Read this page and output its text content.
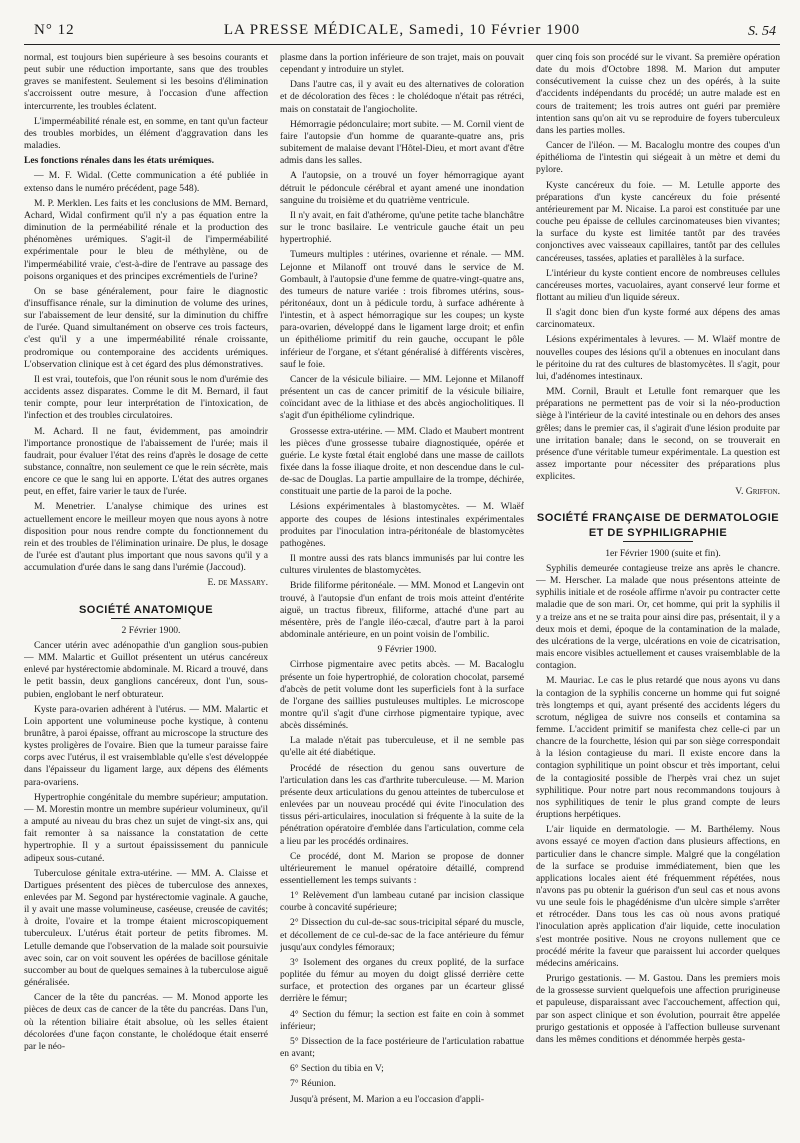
N° 12	LA PRESSE MÉDICALE, Samedi, 10 Février 1900	S. 54

normal, est toujours bien supérieure à ses besoins courants et peut subir une réduction importante, sans que des troubles graves se manifestent. Seulement si les besoins d'élimination s'accroissent outre mesure, à l'occasion d'une affection intercurrente, les troubles éclatent.

L'imperméabilité rénale est, en somme, en tant qu'un facteur des troubles morbides, un élément d'aggravation dans les maladies.

Les fonctions rénales dans les états urémiques.

— M. F. Widal. (Cette communication a été publiée in extenso dans le numéro précédent, page 548).

M. P. Merklen. Les faits et les conclusions de MM. Bernard, Achard, Widal confirment qu'il n'y a pas équation entre la diminution de la perméabilité rénale et la production des phénomènes urémiques. S'agit-il de l'imperméabilité expérimentale pour le bleu de méthylène, ou de l'imperméabilité vraie, c'est-à-dire de l'entrave au passage des poisons organiques et des principes excrémentiels de l'urine?

On se base généralement, pour faire le diagnostic d'insuffisance rénale, sur la diminution de volume des urines, sur l'abaissement de leur densité, sur la diminution du chiffre de l'urée. Quand simultanément on observe ces trois facteurs, c'est qu'il y a une imperméabilité rénale croissante, prodromique ou contemporaine des accidents urémiques. L'observation clinique est à cet égard des plus démonstratives.

Il est vrai, toutefois, que l'on réunit sous le nom d'urémie des accidents assez disparates. Comme le dit M. Bernard, il faut tenir compte, pour leur interprétation de l'intoxication, de l'infection et des troubles circulatoires.

M. Achard. Il ne faut, évidemment, pas amoindrir l'importance pronostique de l'abaissement de l'urée; mais il faudrait, pour évaluer l'état des reins d'après le dosage de cette substance, connaître, non seulement ce que le rein sécrète, mais encore ce que le sang lui en apporte. L'état des autres organes peut, en effet, faire varier le taux de l'urée.

M. Menetrier. L'analyse chimique des urines est actuellement encore le meilleur moyen que nous ayons à notre disposition pour nous rendre compte du fonctionnement du rein et des troubles de l'élimination urinaire. De plus, le dosage de l'urée est d'autant plus important que nous savons qu'il y a accumulation d'urée dans le sang dans l'urémie (Jaccoud).

E. de Massary.

SOCIÉTÉ ANATOMIQUE

2 Février 1900.

Cancer utérin avec adénopathie d'un ganglion sous-pubien — MM. Malartic et Guillot présentent un utérus cancéreux enlevé par hystérectomie abdominale. M. Ricard a trouvé, dans le petit bassin, deux ganglions cancéreux, dont l'un, sous-pubien, englobant le nerf obturateur.

Kyste para-ovarien adhérent à l'utérus. — MM. Malartic et Loin apportent une volumineuse poche kystique, à contenu brunâtre, à paroi épaisse, offrant au microscope la structure des kystes proligères de l'ovaire. Bien que la tumeur paraisse faire corps avec l'utérus, il est vraisemblable qu'elle s'est développée dans l'épaisseur du ligament large, aux dépens des éléments para-ovariens.

Hypertrophie congénitale du membre supérieur; amputation. — M. Morestin montre un membre supérieur volumineux, qu'il a amputé au niveau du bras chez un sujet de vingt-six ans, qui fait remonter à sa naissance la constatation de cette hypertrophie. Il y a surtout épaississement du pannicule adipeux sous-cutané.

Tuberculose génitale extra-utérine. — MM. A. Claisse et Dartigues présentent des pièces de tuberculose des annexes, enlevées par M. Segond par hystérectomie vaginale. A gauche, il y avait une masse volumineuse, caséeuse, creusée de cavités; à droite, l'ovaire et la trompe étaient microscopiquement tuberculeux. L'utérus était porteur de petits fibromes. M. Letulle demande que l'observation de la malade soit poursuivie avec soin, car on voit souvent les opérées de bacillose génitale succomber au bout de quelques semaines à la tuberculose aiguë généralisée.

Cancer de la tête du pancréas. — M. Monod apporte les pièces de deux cas de cancer de la tête du pancréas. Dans l'un, où la rétention biliaire était absolue, où les selles étaient décolorées d'une façon constante, le cholédoque était enserré par le néo-

plasme dans la portion inférieure de son trajet, mais on pouvait cependant y introduire un stylet.

Dans l'autre cas, il y avait eu des alternatives de coloration et de décoloration des fèces : le cholédoque n'était pas rétréci, mais on constatait de l'angiocholite.

Hémorragie pédonculaire; mort subite. — M. Cornil vient de faire l'autopsie d'un homme de quarante-quatre ans, pris subitement de malaise devant l'Hôtel-Dieu, et mort avant d'être admis dans les salles.

A l'autopsie, on a trouvé un foyer hémorragique ayant détruit le pédoncule cérébral et ayant amené une inondation sanguine du troisième et du quatrième ventricule.

Il n'y avait, en fait d'athérome, qu'une petite tache blanchâtre sur le tronc basilaire. Le ventricule gauche était un peu hypertrophié.

Tumeurs multiples : utérines, ovarienne et rénale. — MM. Lejonne et Milanoff ont trouvé dans le service de M. Gombault, à l'autopsie d'une femme de quatre-vingt-quatre ans, des tumeurs de nature variée : trois fibromes utérins, sous-péritonéaux, dont un à pédicule tordu, à surface adhérente à l'intestin, et à aspect hémorragique sur les coupes; un kyste para-ovarien, développé dans le ligament large droit; et enfin un épithéliome primitif du rein gauche, occupant le pôle inférieur de l'organe, et s'étant généralisé à différents viscères, sauf le foie.

Cancer de la vésicule biliaire. — MM. Lejonne et Milanoff présentent un cas de cancer primitif de la vésicule biliaire, coïncidant avec de la lithiase et des abcès angiocholitiques. Il s'agit d'un épithéliome cylindrique.

Grossesse extra-utérine. — MM. Clado et Maubert montrent les pièces d'une grossesse tubaire diagnostiquée, opérée et guérie. Le kyste fœtal était englobé dans une masse de caillots fixée dans la fosse iliaque droite, et non descendue dans le cul-de-sac de Douglas. La partie ampullaire de la trompe, déchirée, constituait une partie de la paroi de la poche.

Lésions expérimentales à blastomycètes. — M. Wlaëf apporte des coupes de lésions intestinales expérimentales produites par l'inoculation intra-péritonéale de blastomycètes pathogènes.

Il montre aussi des rats blancs immunisés par lui contre les cultures virulentes de blastomycètes.

Bride filiforme péritonéale. — MM. Monod et Langevin ont trouvé, à l'autopsie d'un enfant de trois mois atteint d'entérite aiguë, un tractus fibreux, filiforme, attaché d'une part au mésentère, près de l'angle iléo-cæcal, d'autre part à la paroi abdominale antérieure, en un point voisin de l'ombilic.

9 Février 1900.

Cirrhose pigmentaire avec petits abcès. — M. Bacaloglu présente un foie hypertrophié, de coloration chocolat, parsemé d'abcès de petit volume dont les superficiels font à la surface de l'organe des saillies pustuleuses multiples. Le microscope montre qu'il s'agit d'une cirrhose pigmentaire typique, avec abcès disséminés.

La malade n'était pas tuberculeuse, et il ne semble pas qu'elle ait été diabétique.

Procédé de résection du genou sans ouverture de l'articulation dans les cas d'arthrite tuberculeuse. — M. Marion présente deux articulations du genou atteintes de tuberculose et enlevées par un nouveau procédé qui évite l'inoculation des tissus péri-articulaires, inoculation si fréquente à la suite de la pénétration opératoire d'emblée dans l'articulation, comme cela a lieu par les procédés ordinaires.

Ce procédé, dont M. Marion se propose de donner ultérieurement le manuel opératoire détaillé, comprend essentiellement les temps suivants :

1° Relèvement d'un lambeau cutané par incision classique courbe à concavité supérieure;

2° Dissection du cul-de-sac sous-tricipital séparé du muscle, et décollement de ce cul-de-sac de la face antérieure du fémur jusqu'aux condyles fémoraux;

3° Isolement des organes du creux poplité, de la surface poplitée du fémur au moyen du doigt glissé derrière cette surface, et protection des organes par un écarteur glissé derrière le fémur;

4° Section du fémur; la section est faite en coin à sommet inférieur;

5° Dissection de la face postérieure de l'articulation rabattue en avant;

6° Section du tibia en V;

7° Réunion.

Jusqu'à présent, M. Marion a eu l'occasion d'appli-

quer cinq fois son procédé sur le vivant. Sa première opération date du mois d'Octobre 1898. M. Marion dut amputer consécutivement la cuisse chez un des opérés, à la suite d'accidents indépendants du procédé; un autre malade est en cours de traitement; les trois autres ont guéri par première intention sans qu'on ait vu se reproduire de foyers tuberculeux dans les parties molles.

Cancer de l'iléon. — M. Bacaloglu montre des coupes d'un épithélioma de l'intestin qui siégeait à un mètre et demi du pylore.

Kyste cancéreux du foie. — M. Letulle apporte des préparations d'un kyste cancéreux du foie présenté antérieurement par M. Nicaise. La paroi est constituée par une couche peu épaisse de cellules carcinomateuses bien vivantes; la surface du kyste est limitée tantôt par des travées conjonctives avec vaisseaux capillaires, tantôt par des cellules cancéreuses, tassées, aplaties et parallèles à la surface.

L'intérieur du kyste contient encore de nombreuses cellules cancéreuses mortes, vacuolaires, ayant conservé leur forme et flottant au milieu d'un liquide séreux.

Il s'agit donc bien d'un kyste formé aux dépens des amas carcinomateux.

Lésions expérimentales à levures. — M. Wlaëf montre de nouvelles coupes des lésions qu'il a obtenues en inoculant dans le péritoine du rat des cultures de blastomycètes. Il s'agit, pour lui, d'adénomes intestinaux.

MM. Cornil, Brault et Letulle font remarquer que les préparations ne permettent pas de voir si la néo-production siège à l'intérieur de la cavité intestinale ou en dehors des anses grêles; dans le premier cas, il s'agirait d'une lésion produite par une irritation banale; dans le second, on se trouverait en présence d'une véritable tumeur expérimentale. La question est assez importante pour nécessiter des préparations plus explicites.

V. Griffon.

SOCIÉTÉ FRANÇAISE DE DERMATOLOGIE
ET DE SYPHILIGRAPHIE

1er Février 1900 (suite et fin).

Syphilis demeurée contagieuse treize ans après le chancre. — M. Herscher. La malade que nous présentons atteinte de syphilis initiale et de roséole affirme n'avoir pu contracter cette maladie que de son mari. Or, cet homme, qui prit la syphilis il y a treize ans et ne se traita pour ainsi dire pas, présentait, il y a deux mois et demi, époque de la contamination de la malade, des ulcérations de la verge, ulcérations en voie de cicatrisation, mais encore visibles actuellement et causes vraisemblable de la contagion.

M. Mauriac. Le cas le plus retardé que nous ayons vu dans la contagion de la syphilis concerne un homme qui fut soigné très longtemps et qui, ayant présenté des accidents légers du scrotum, négligea de suivre nos conseils et contamina sa femme. L'accident primitif se manifesta chez celle-ci par un chancre de la fourchette, lésion qui par son siège correspondait à la lésion contagieuse du mari. Il existe encore dans la contagion syphilitique un point obscur et très important, celui de la contagiosité possible de l'herpès vrai chez un sujet syphilitique. Pour notre part nous recommandons toujours à nos syphilitiques de tenir le plus grand compte de leurs éruptions herpétiques.

L'air liquide en dermatologie. — M. Barthélemy. Nous avons essayé ce moyen d'action dans plusieurs affections, en particulier dans le chancre simple. Malgré que la congélation de la surface se produise immédiatement, bien que les applications locales aient été fréquemment répétées, nous n'avons pas pu obtenir la guérison d'un seul cas et nous avons vu une seule fois le phagédénisme d'un ulcère simple s'arrêter et rétrocéder. Dans tous les cas où nous avons pratiqué l'inoculation après application d'air liquide, cette inoculation s'est montrée positive. Nous ne croyons nullement que ce procédé mérite la faveur que paraissent lui accorder quelques médecins américains.

Prurigo gestationis. — M. Gastou. Dans les premiers mois de la grossesse survient quelquefois une affection prurigineuse et papuleuse, disparaissant avec l'accouchement, affection qui, par son aspect clinique et son évolution, pourrait être appelée prurigo gestationis et opposée à l'affection bulleuse survenant dans les mêmes conditions et dénommée herpès gesta-
